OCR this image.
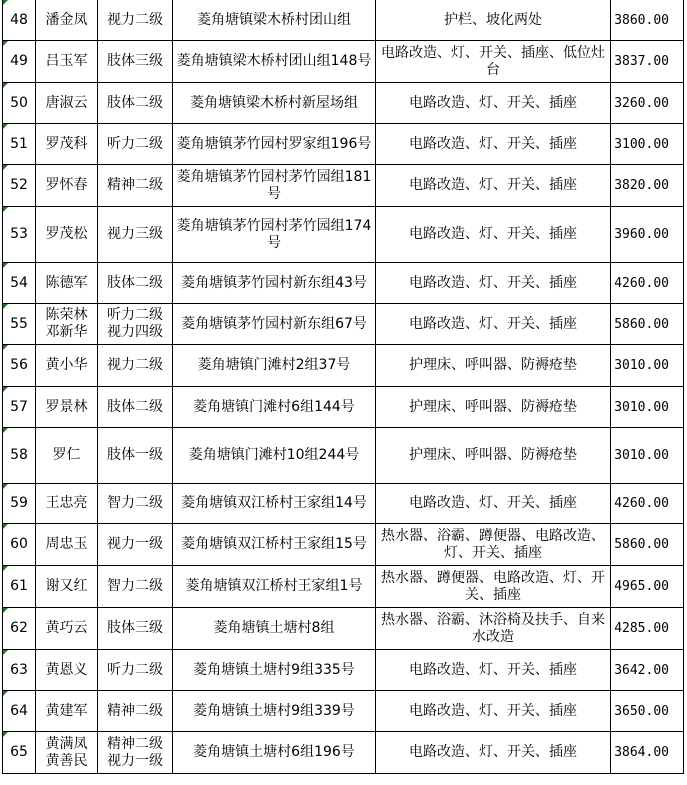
48	潘金凤	视力二级	菱角塘镇梁木桥村团山组	护栏、坡化两处	3860.00
49	吕玉军	肢体三级	菱角塘镇梁木桥村团山组148号	电路改造、灯、开关、插座、低位灶台	3837.00
50	唐淑云	肢体二级	菱角塘镇梁木桥村新屋场组	电路改造、灯、开关、插座	3260.00
51	罗茂科	听力二级	菱角塘镇茅竹园村罗家组196号	电路改造、灯、开关、插座	3100.00
52	罗怀春	精神二级	菱角塘镇茅竹园村茅竹园组181号	电路改造、灯、开关、插座	3820.00
53	罗茂松	视力三级	菱角塘镇茅竹园村茅竹园组174号	电路改造、灯、开关、插座	3960.00
54	陈德军	肢体二级	菱角塘镇茅竹园村新东组43号	电路改造、灯、开关、插座	4260.00
55	陈荣林 邓新华	听力二级 视力四级	菱角塘镇茅竹园村新东组67号	电路改造、灯、开关、插座	5860.00
56	黄小华	视力二级	菱角塘镇门滩村2组37号	护理床、呼叫器、防褥疮垫	3010.00
57	罗景林	肢体二级	菱角塘镇门滩村6组144号	护理床、呼叫器、防褥疮垫	3010.00
58	罗仁	肢体一级	菱角塘镇门滩村10组244号	护理床、呼叫器、防褥疮垫	3010.00
59	王忠亮	智力二级	菱角塘镇双江桥村王家组14号	电路改造、灯、开关、插座	4260.00
60	周忠玉	视力一级	菱角塘镇双江桥村王家组15号	热水器、浴霸、蹲便器、电路改造、灯、开关、插座	5860.00
61	谢又红	智力二级	菱角塘镇双江桥村王家组1号	热水器、蹲便器、电路改造、灯、开关、插座	4965.00
62	黄巧云	肢体三级	菱角塘镇土塘村8组	热水器、浴霸、沐浴椅及扶手、自来水改造	4285.00
63	黄恩义	听力二级	菱角塘镇土塘村9组335号	电路改造、灯、开关、插座	3642.00
64	黄建军	精神二级	菱角塘镇土塘村9组339号	电路改造、灯、开关、插座	3650.00
65	黄满凤 黄善民	精神二级 视力一级	菱角塘镇土塘村6组196号	电路改造、灯、开关、插座	3864.00
